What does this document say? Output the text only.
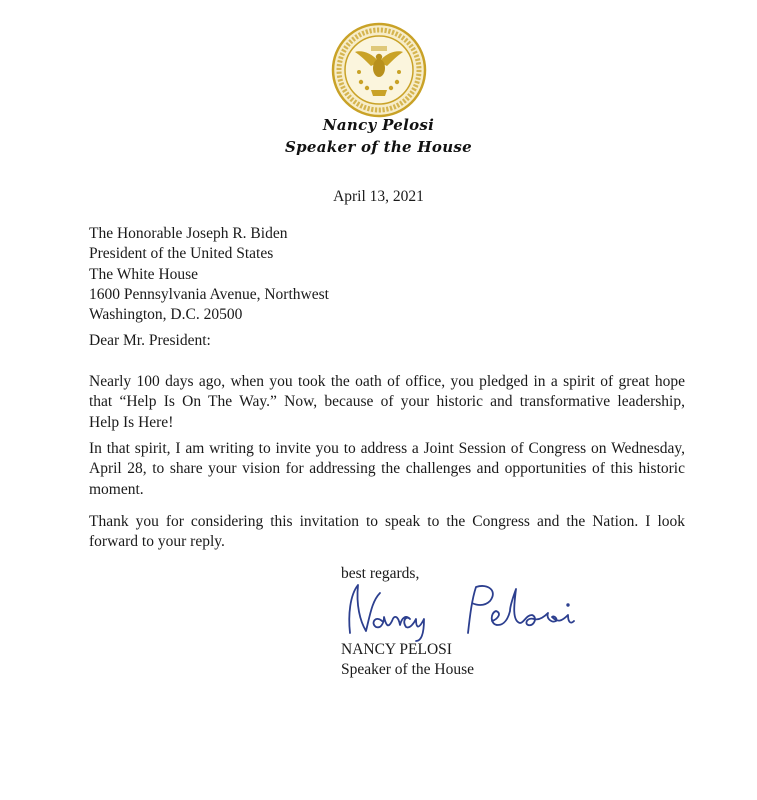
Nancy Pelosi
Speaker of the House
April 13, 2021
The Honorable Joseph R. Biden
President of the United States
The White House
1600 Pennsylvania Avenue, Northwest
Washington, D.C. 20500
Dear Mr. President:
Nearly 100 days ago, when you took the oath of office, you pledged in a spirit of great hope
that “Help Is On The Way.” Now, because of your historic and transformative leadership,
Help Is Here!
In that spirit, I am writing to invite you to address a Joint Session of Congress on Wednesday,
April 28, to share your vision for addressing the challenges and opportunities of this historic
moment.
Thank you for considering this invitation to speak to the Congress and the Nation. I look
forward to your reply.
best regards,
NANCY PELOSI
Speaker of the House
